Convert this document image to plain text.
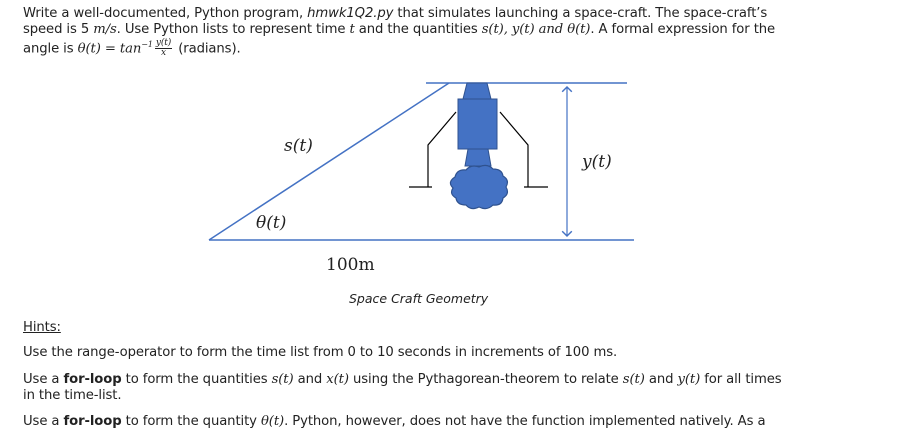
Write a well-documented, Python program, hmwk1Q2.py that simulates launching a space-craft. The space-craft’s
speed is 5 m/s. Use Python lists to represent time t and the quantities s(t), y(t) and θ(t). A formal expression for the
angle is $\theta(t) = \tan^{-1} \frac{y(t)}{x}$ (radians).
s(t)
θ(t)
y(t)
100m
Space Craft Geometry
Hints:
Use the range-operator to form the time list from 0 to 10 seconds in increments of 100 ms.
Use a for-loop to form the quantities s(t) and x(t) using the Pythagorean-theorem to relate s(t) and y(t) for all times
in the time-list.
Use a for-loop to form the quantity θ(t). Python, however, does not have the function implemented natively. As a
